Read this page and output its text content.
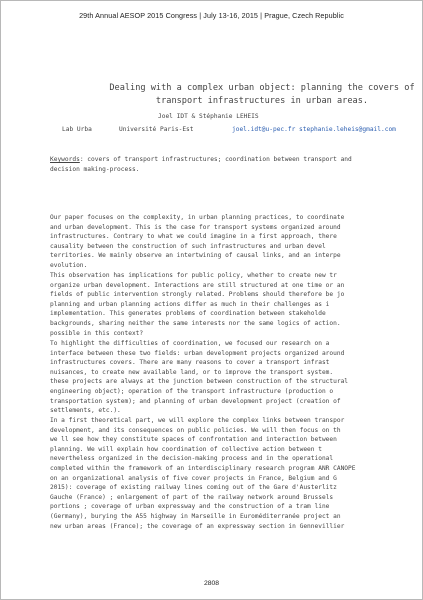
29th Annual AESOP 2015 Congress | July 13-16, 2015 | Prague, Czech Republic
Dealing with a complex urban object: planning the covers of
transport infrastructures in urban areas.
Joel IDT & Stéphanie LEHEIS
Lab Urba	Université Paris-Est	joel.idt@u-pec.fr stephanie.leheis@gmail.com
Keywords: covers of transport infrastructures; coordination between transport and
decision making-process.
Our paper focuses on the complexity, in urban planning practices, to coordinate
and urban development. This is the case for transport systems organized around
infrastructures. Contrary to what we could imagine in a first approach, there
causality between the construction of such infrastructures and urban devel
territories. We mainly observe an intertwining of causal links, and an interpe
evolution.
This observation has implications for public policy, whether to create new tr
organize urban development. Interactions are still structured at one time or an
fields of public intervention strongly related. Problems should therefore be jo
planning and urban planning actions differ as much in their challenges as i
implementation. This generates problems of coordination between stakeholde
backgrounds, sharing neither the same interests nor the same logics of action.
possible in this context?
To highlight the difficulties of coordination, we focused our research on a
interface between these two fields: urban development projects organized around
infrastructures covers. There are many reasons to cover a transport infrast
nuisances, to create new available land, or to improve the transport system.
these projects are always at the junction between construction of the structural
engineering object); operation of the transport infrastructure (production o
transportation system); and planning of urban development project (creation of
settlements, etc.).
In a first theoretical part, we will explore the complex links between transpor
development, and its consequences on public policies. We will then focus on th
we ll see how they constitute spaces of confrontation and interaction between
planning. We will explain how coordination of collective action between t
nevertheless organized in the decision-making process and in the operational
completed within the framework of an interdisciplinary research program ANR CANOPE
on an organizational analysis of five cover projects in France, Belgium and G
2015): coverage of existing railway lines coming out of the Gare d'Austerlitz
Gauche (France) ; enlargement of part of the railway network around Brussels
portions ; coverage of urban expressway and the construction of a tram line
(Germany), burying the A55 highway in Marseille in Euroméditerranée project an
new urban areas (France); the coverage of an expressway section in Gennevillier
2808
